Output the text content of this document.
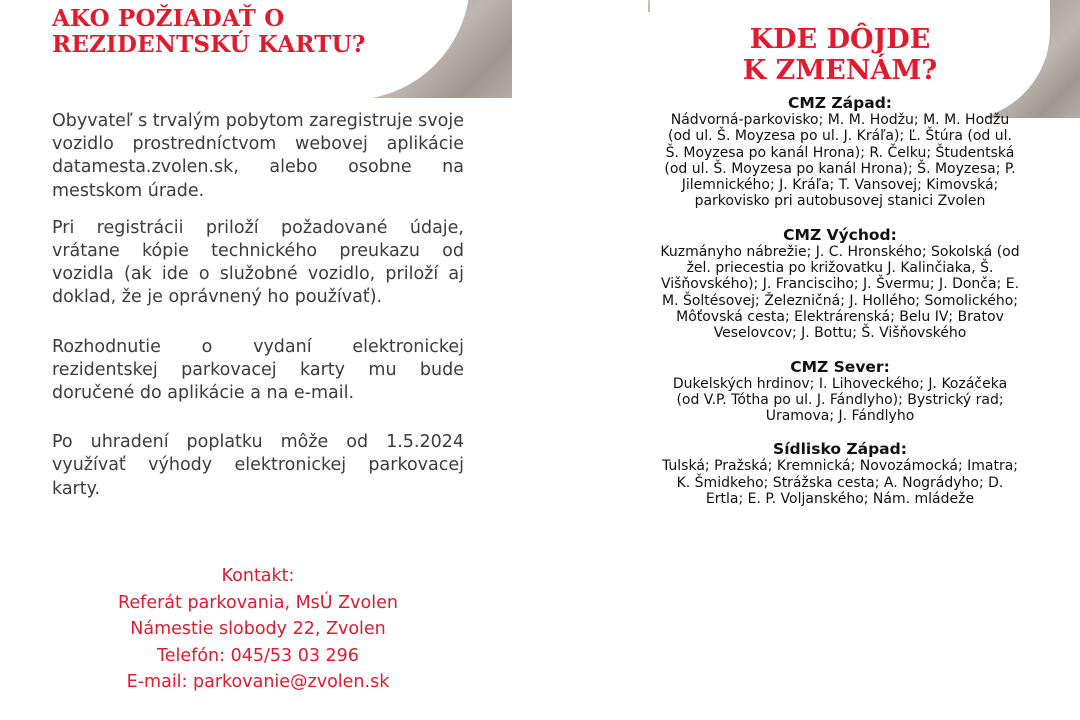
AKO POŽIADAŤ O
REZIDENTSKÚ KARTU?

Obyvateľ s trvalým pobytom zaregistruje svoje vozidlo prostredníctvom webovej aplikácie datamesta.zvolen.sk, alebo osobne na mestskom úrade.

Pri registrácii priloží požadované údaje, vrátane kópie technického preukazu od vozidla (ak ide o služobné vozidlo, priloží aj doklad, že je oprávnený ho používať).

Rozhodnutie o vydaní elektronickej rezidentskej parkovacej karty mu bude doručené do aplikácie a na e-mail.

Po uhradení poplatku môže od 1.5.2024 využívať výhody elektronickej parkovacej karty.

Kontakt:
Referát parkovania, MsÚ Zvolen
Námestie slobody 22, Zvolen
Telefón: 045/53 03 296
E-mail: parkovanie@zvolen.sk
KDE DÔJDE
K ZMENÁM?
CMZ Západ:

Nádvorná-parkovisko; M. M. Hodžu; M. M. Hodžu (od ul. Š. Moyzesa po ul. J. Kráľa); Ľ. Štúra (od ul. Š. Moyzesa po kanál Hrona); R. Čelku; Študentská (od ul. Š. Moyzesa po kanál Hrona); Š. Moyzesa; P. Jilemnického; J. Kráľa; T. Vansovej; Kimovská; parkovisko pri autobusovej stanici Zvolen

CMZ Východ:

Kuzmányho nábrežie; J. C. Hronského; Sokolská (od žel. priecestia po križovatku J. Kalinčiaka, Š. Višňovského); J. Francisciho; J. Švermu; J. Donča; E. M. Šoltésovej; Železničná; J. Hollého; Somolického; Môťovská cesta; Elektrárenská; Belu IV; Bratov Veselovcov; J. Bottu; Š. Višňovského

CMZ Sever:

Dukelských hrdinov; I. Lihoveckého; J. Kozáčeka (od V.P. Tótha po ul. J. Fándlyho); Bystrický rad; Uramova; J. Fándlyho

Sídlisko Západ:

Tulská; Pražská; Kremnická; Novozámocká; Imatra; K. Šmidkeho; Strážska cesta; A. Nográdyho; D. Ertla; E. P. Voljanského; Nám. mládeže
